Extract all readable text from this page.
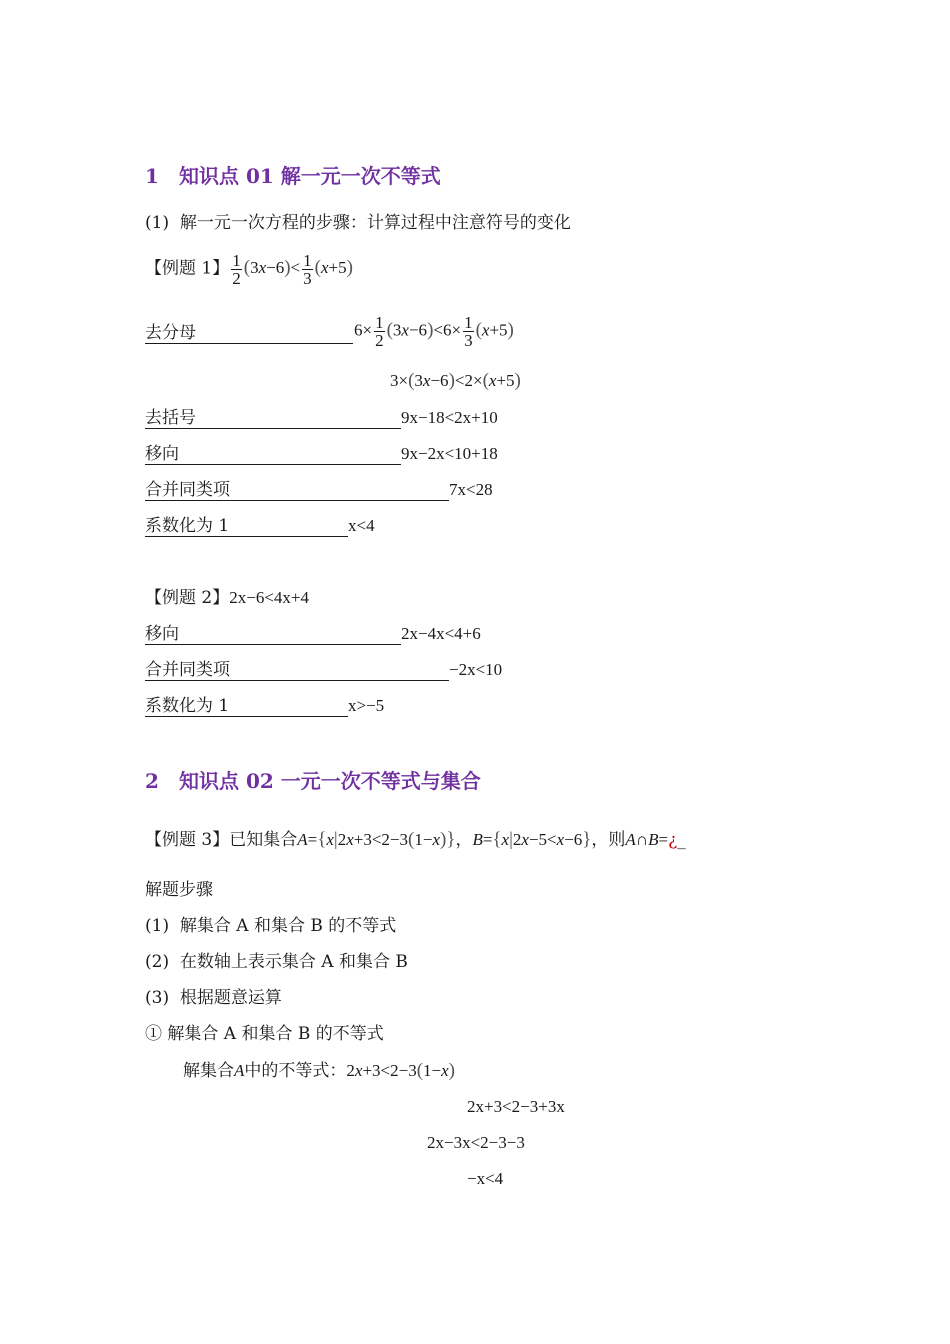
1 知识点 01 解一元一次不等式
(1) 解一元一次方程的步骤：计算过程中注意符号的变化
【例题 1】 $\frac{1}{2} (3x-6)< \frac{1}{3} (x+5)$
去分母	$6\times \frac{1}{2} (3x-6)<6\times \frac{1}{3} (x+5)$
3×(3x−6)<2×(x+5)
去括号	9x−18<2x+10
移向	9x−2x<10+18
合并同类项	7x<28
系数化为 1	x<4
【例题 2】2x−6<4x+4
移向	2x−4x<4+6
合并同类项	−2x<10
系数化为 1	x>−5
2 知识点 02 一元一次不等式与集合
【例题 3】已知集合A={x|2x+3<2−3(1−x)}，B={x|2x−5<x−6}，则A∩B=¿_
解题步骤
(1) 解集合 A 和集合 B 的不等式
(2) 在数轴上表示集合 A 和集合 B
(3) 根据题意运算
① 解集合 A 和集合 B 的不等式
解集合A中的不等式：2x+3<2−3(1−x)
2x+3<2−3+3x
2x−3x<2−3−3
−x<4
